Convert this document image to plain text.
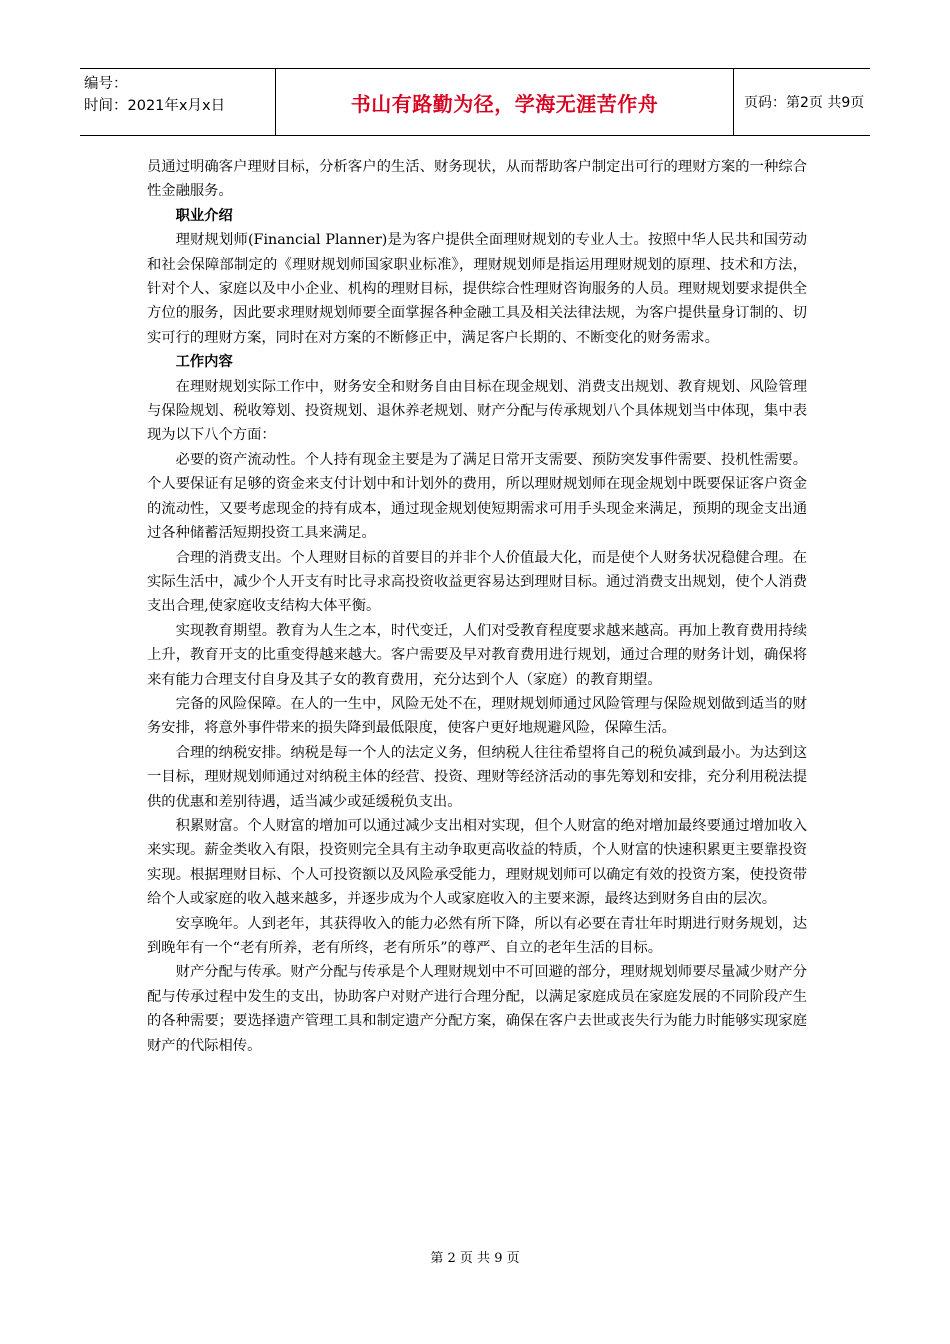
编号：
时间：2021年x月x日	书山有路勤为径，学海无涯苦作舟	页码：第2页 共9页

员通过明确客户理财目标，分析客户的生活、财务现状，从而帮助客户制定出可行的理财方案的一种综合性金融服务。

职业介绍

理财规划师(Financial Planner)是为客户提供全面理财规划的专业人士。按照中华人民共和国劳动和社会保障部制定的《理财规划师国家职业标准》，理财规划师是指运用理财规划的原理、技术和方法，针对个人、家庭以及中小企业、机构的理财目标，提供综合性理财咨询服务的人员。理财规划要求提供全方位的服务，因此要求理财规划师要全面掌握各种金融工具及相关法律法规，为客户提供量身订制的、切实可行的理财方案，同时在对方案的不断修正中，满足客户长期的、不断变化的财务需求。

工作内容

在理财规划实际工作中，财务安全和财务自由目标在现金规划、消费支出规划、教育规划、风险管理与保险规划、税收筹划、投资规划、退休养老规划、财产分配与传承规划八个具体规划当中体现，集中表现为以下八个方面：

必要的资产流动性。个人持有现金主要是为了满足日常开支需要、预防突发事件需要、投机性需要。个人要保证有足够的资金来支付计划中和计划外的费用，所以理财规划师在现金规划中既要保证客户资金的流动性，又要考虑现金的持有成本，通过现金规划使短期需求可用手头现金来满足，预期的现金支出通过各种储蓄活短期投资工具来满足。

合理的消费支出。个人理财目标的首要目的并非个人价值最大化，而是使个人财务状况稳健合理。在实际生活中，减少个人开支有时比寻求高投资收益更容易达到理财目标。通过消费支出规划，使个人消费支出合理,使家庭收支结构大体平衡。

实现教育期望。教育为人生之本，时代变迁，人们对受教育程度要求越来越高。再加上教育费用持续上升，教育开支的比重变得越来越大。客户需要及早对教育费用进行规划，通过合理的财务计划，确保将来有能力合理支付自身及其子女的教育费用，充分达到个人（家庭）的教育期望。

完备的风险保障。在人的一生中，风险无处不在，理财规划师通过风险管理与保险规划做到适当的财务安排，将意外事件带来的损失降到最低限度，使客户更好地规避风险，保障生活。

合理的纳税安排。纳税是每一个人的法定义务，但纳税人往往希望将自己的税负减到最小。为达到这一目标，理财规划师通过对纳税主体的经营、投资、理财等经济活动的事先筹划和安排，充分利用税法提供的优惠和差别待遇，适当减少或延缓税负支出。

积累财富。个人财富的增加可以通过减少支出相对实现，但个人财富的绝对增加最终要通过增加收入来实现。薪金类收入有限，投资则完全具有主动争取更高收益的特质，个人财富的快速积累更主要靠投资实现。根据理财目标、个人可投资额以及风险承受能力，理财规划师可以确定有效的投资方案，使投资带给个人或家庭的收入越来越多，并逐步成为个人或家庭收入的主要来源，最终达到财务自由的层次。

安享晚年。人到老年，其获得收入的能力必然有所下降，所以有必要在青壮年时期进行财务规划，达到晚年有一个“老有所养，老有所终，老有所乐”的尊严、自立的老年生活的目标。

财产分配与传承。财产分配与传承是个人理财规划中不可回避的部分，理财规划师要尽量减少财产分配与传承过程中发生的支出，协助客户对财产进行合理分配，以满足家庭成员在家庭发展的不同阶段产生的各种需要；要选择遗产管理工具和制定遗产分配方案，确保在客户去世或丧失行为能力时能够实现家庭财产的代际相传。

第 2 页 共 9 页
